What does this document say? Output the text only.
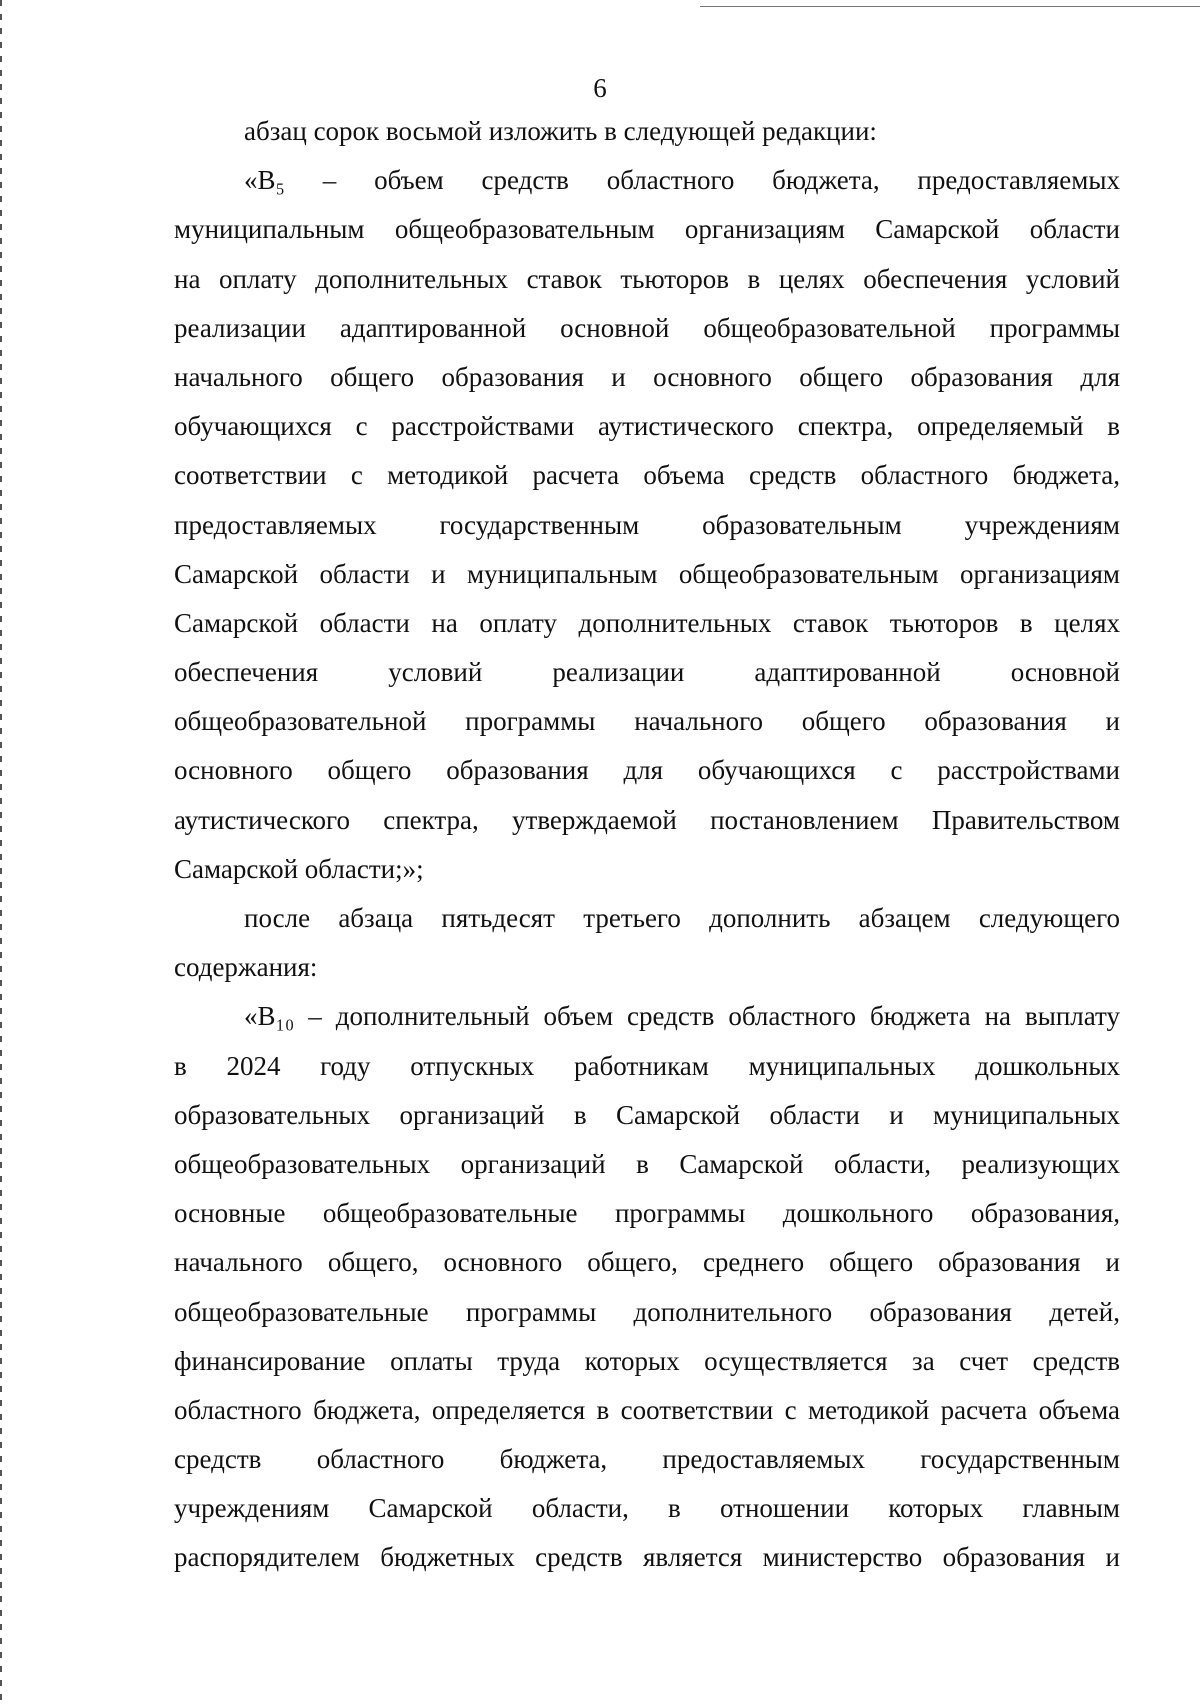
6
абзац сорок восьмой изложить в следующей редакции:
«B₅ – объем средств областного бюджета, предоставляемых
муниципальным общеобразовательным организациям Самарской области
на оплату дополнительных ставок тьюторов в целях обеспечения условий
реализации адаптированной основной общеобразовательной программы
начального общего образования и основного общего образования для
обучающихся с расстройствами аутистического спектра, определяемый в
соответствии с методикой расчета объема средств областного бюджета,
предоставляемых государственным образовательным учреждениям
Самарской области и муниципальным общеобразовательным организациям
Самарской области на оплату дополнительных ставок тьюторов в целях
обеспечения условий реализации адаптированной основной
общеобразовательной программы начального общего образования и
основного общего образования для обучающихся с расстройствами
аутистического спектра, утверждаемой постановлением Правительством
Самарской области;»;
после абзаца пятьдесят третьего дополнить абзацем следующего
содержания:
«B₁₀ – дополнительный объем средств областного бюджета на выплату
в 2024 году отпускных работникам муниципальных дошкольных
образовательных организаций в Самарской области и муниципальных
общеобразовательных организаций в Самарской области, реализующих
основные общеобразовательные программы дошкольного образования,
начального общего, основного общего, среднего общего образования и
общеобразовательные программы дополнительного образования детей,
финансирование оплаты труда которых осуществляется за счет средств
областного бюджета, определяется в соответствии с методикой расчета объема
средств областного бюджета, предоставляемых государственным
учреждениям Самарской области, в отношении которых главным
распорядителем бюджетных средств является министерство образования и
